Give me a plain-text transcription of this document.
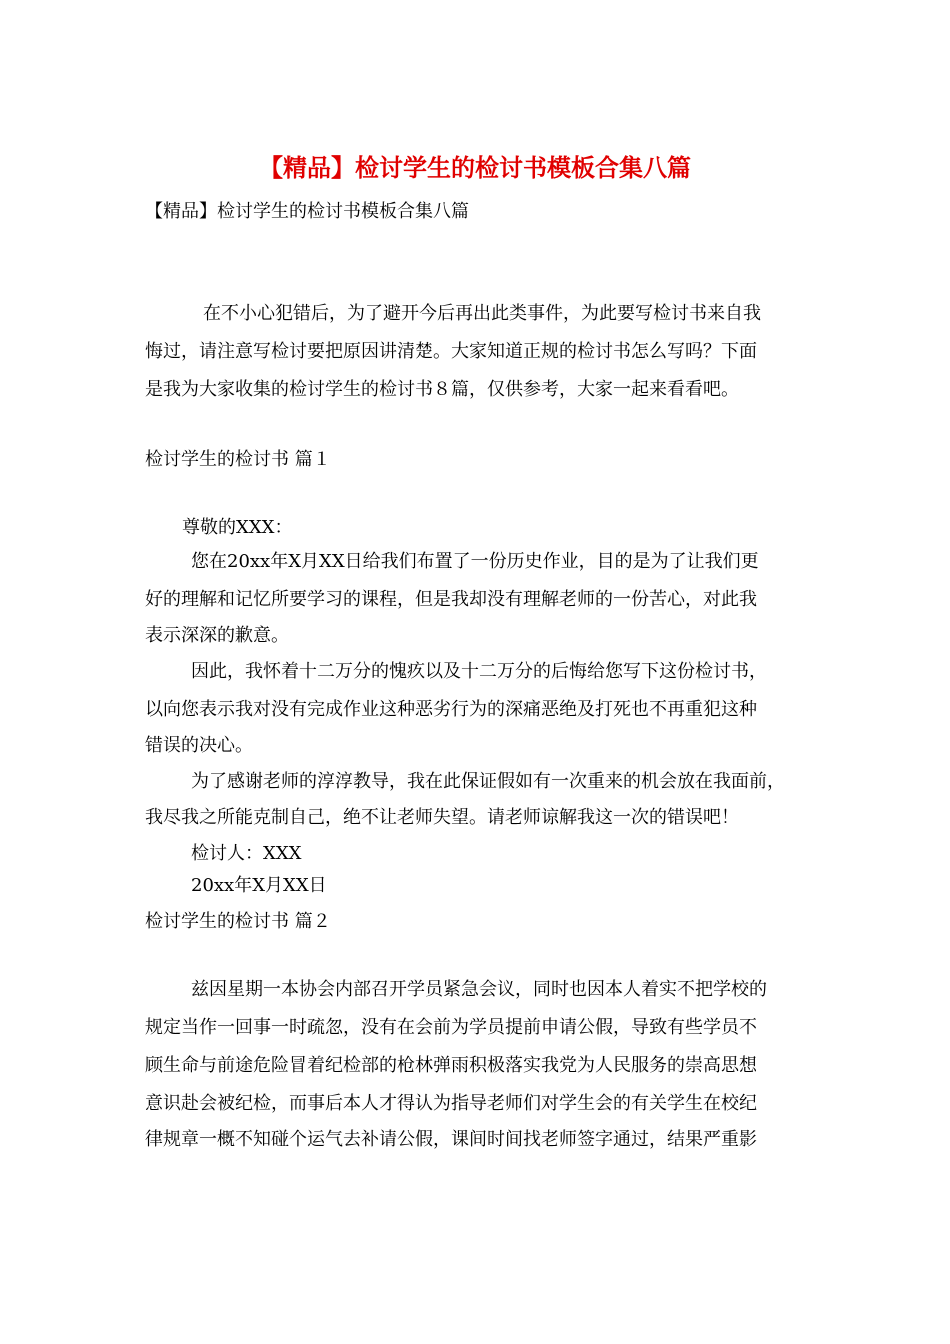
【精品】检讨学生的检讨书模板合集八篇
【精品】检讨学生的检讨书模板合集八篇
在不小心犯错后，为了避开今后再出此类事件，为此要写检讨书来自我
悔过，请注意写检讨要把原因讲清楚。大家知道正规的检讨书怎么写吗？下面
是我为大家收集的检讨学生的检讨书８篇，仅供参考，大家一起来看看吧。
检讨学生的检讨书 篇１
尊敬的XXX：
您在20xx年X月XX日给我们布置了一份历史作业，目的是为了让我们更
好的理解和记忆所要学习的课程，但是我却没有理解老师的一份苦心，对此我
表示深深的歉意。
因此，我怀着十二万分的愧疚以及十二万分的后悔给您写下这份检讨书，
以向您表示我对没有完成作业这种恶劣行为的深痛恶绝及打死也不再重犯这种
错误的决心。
为了感谢老师的淳淳教导，我在此保证假如有一次重来的机会放在我面前，
我尽我之所能克制自己，绝不让老师失望。请老师谅解我这一次的错误吧！
检讨人：XXX
20xx年X月XX日
检讨学生的检讨书 篇２
兹因星期一本协会内部召开学员紧急会议，同时也因本人着实不把学校的
规定当作一回事一时疏忽，没有在会前为学员提前申请公假，导致有些学员不
顾生命与前途危险冒着纪检部的枪林弹雨积极落实我党为人民服务的崇高思想
意识赴会被纪检，而事后本人才得认为指导老师们对学生会的有关学生在校纪
律规章一概不知碰个运气去补请公假，课间时间找老师签字通过，结果严重影
